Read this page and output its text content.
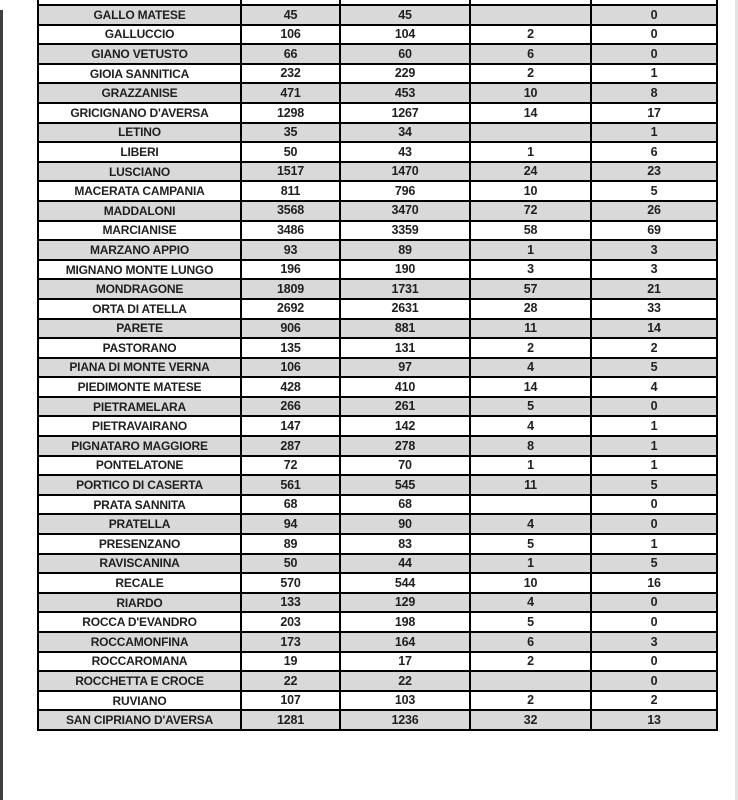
GALLO MATESE	45	45		0
GALLUCCIO	106	104	2	0
GIANO VETUSTO	66	60	6	0
GIOIA SANNITICA	232	229	2	1
GRAZZANISE	471	453	10	8
GRICIGNANO D'AVERSA	1298	1267	14	17
LETINO	35	34		1
LIBERI	50	43	1	6
LUSCIANO	1517	1470	24	23
MACERATA CAMPANIA	811	796	10	5
MADDALONI	3568	3470	72	26
MARCIANISE	3486	3359	58	69
MARZANO APPIO	93	89	1	3
MIGNANO MONTE LUNGO	196	190	3	3
MONDRAGONE	1809	1731	57	21
ORTA DI ATELLA	2692	2631	28	33
PARETE	906	881	11	14
PASTORANO	135	131	2	2
PIANA DI MONTE VERNA	106	97	4	5
PIEDIMONTE MATESE	428	410	14	4
PIETRAMELARA	266	261	5	0
PIETRAVAIRANO	147	142	4	1
PIGNATARO MAGGIORE	287	278	8	1
PONTELATONE	72	70	1	1
PORTICO DI CASERTA	561	545	11	5
PRATA SANNITA	68	68		0
PRATELLA	94	90	4	0
PRESENZANO	89	83	5	1
RAVISCANINA	50	44	1	5
RECALE	570	544	10	16
RIARDO	133	129	4	0
ROCCA D'EVANDRO	203	198	5	0
ROCCAMONFINA	173	164	6	3
ROCCAROMANA	19	17	2	0
ROCCHETTA E CROCE	22	22		0
RUVIANO	107	103	2	2
SAN CIPRIANO D'AVERSA	1281	1236	32	13
